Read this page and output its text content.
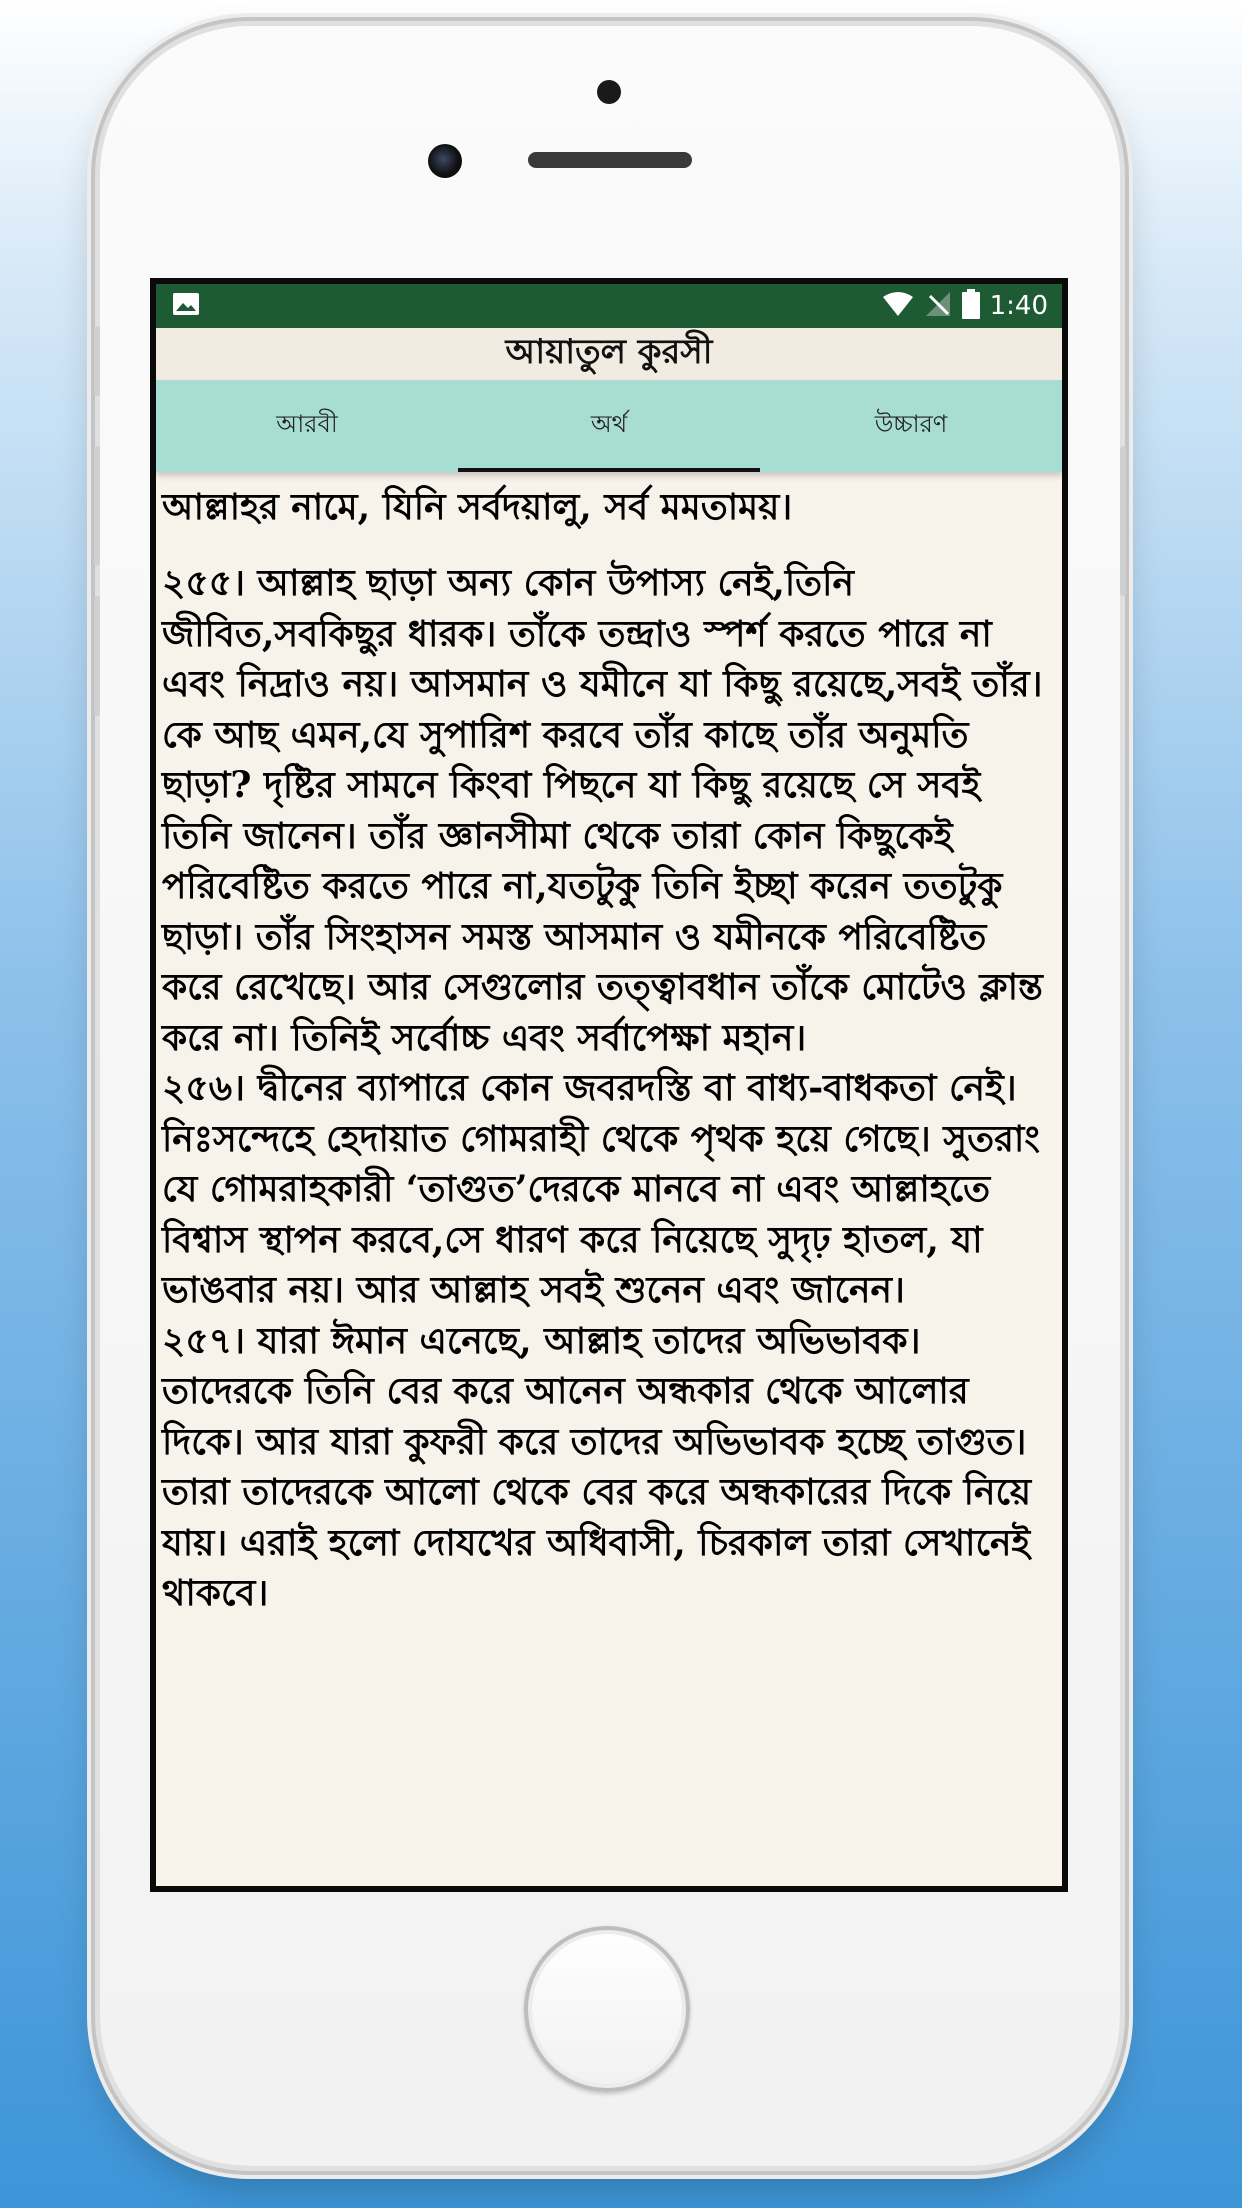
1:40
আয়াতুল কুরসী
আরবী	অর্থ	উচ্চারণ

আল্লাহর নামে, যিনি সর্বদয়ালু, সর্ব মমতাময়।

২৫৫। আল্লাহ ছাড়া অন্য কোন উপাস্য নেই,তিনি জীবিত,সবকিছুর ধারক। তাঁকে তন্দ্রাও স্পর্শ করতে পারে না এবং নিদ্রাও নয়। আসমান ও যমীনে যা কিছু রয়েছে,সবই তাঁর। কে আছ এমন,যে সুপারিশ করবে তাঁর কাছে তাঁর অনুমতি ছাড়া? দৃষ্টির সামনে কিংবা পিছনে যা কিছু রয়েছে সে সবই তিনি জানেন। তাঁর জ্ঞানসীমা থেকে তারা কোন কিছুকেই পরিবেষ্টিত করতে পারে না,যতটুকু তিনি ইচ্ছা করেন ততটুকু ছাড়া। তাঁর সিংহাসন সমস্ত আসমান ও যমীনকে পরিবেষ্টিত করে রেখেছে। আর সেগুলোর তত্ত্বাবধান তাঁকে মোটেও ক্লান্ত করে না। তিনিই সর্বোচ্চ এবং সর্বাপেক্ষা মহান।

২৫৬। দ্বীনের ব্যাপারে কোন জবরদস্তি বা বাধ্য-বাধকতা নেই। নিঃসন্দেহে হেদায়াত গোমরাহী থেকে পৃথক হয়ে গেছে। সুতরাং যে গোমরাহকারী ‘তাগুত’দেরকে মানবে না এবং আল্লাহতে বিশ্বাস স্থাপন করবে,সে ধারণ করে নিয়েছে সুদৃঢ় হাতল, যা ভাঙবার নয়। আর আল্লাহ সবই শুনেন এবং জানেন।

২৫৭। যারা ঈমান এনেছে, আল্লাহ তাদের অভিভাবক। তাদেরকে তিনি বের করে আনেন অন্ধকার থেকে আলোর দিকে। আর যারা কুফরী করে তাদের অভিভাবক হচ্ছে তাগুত। তারা তাদেরকে আলো থেকে বের করে অন্ধকারের দিকে নিয়ে যায়। এরাই হলো দোযখের অধিবাসী, চিরকাল তারা সেখানেই থাকবে।
